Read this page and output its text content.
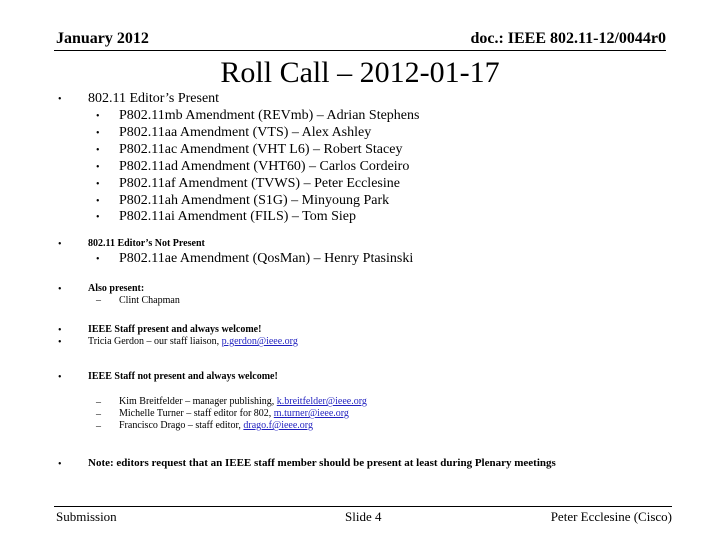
January 2012	doc.: IEEE 802.11-12/0044r0
Roll Call – 2012-01-17
• 802.11 Editor’s Present
• P802.11mb Amendment (REVmb) – Adrian Stephens
• P802.11aa Amendment (VTS) – Alex Ashley
• P802.11ac Amendment (VHT L6) – Robert Stacey
• P802.11ad Amendment (VHT60) – Carlos Cordeiro
• P802.11af Amendment (TVWS) – Peter Ecclesine
• P802.11ah Amendment (S1G) – Minyoung Park
• P802.11ai Amendment (FILS) – Tom Siep
•	802.11 Editor’s Not Present
• P802.11ae Amendment (QosMan) – Henry Ptasinski
•	Also present:
– Clint Chapman
•	IEEE Staff present and always welcome!
•	Tricia Gerdon – our staff liaison, p.gerdon@ieee.org
•	IEEE Staff not present and always welcome!
– Kim Breitfelder – manager publishing, k.breitfelder@ieee.org
– Michelle Turner – staff editor for 802, m.turner@ieee.org
– Francisco Drago – staff editor, drago.f@ieee.org
• Note: editors request that an IEEE staff member should be present at least during Plenary meetings
Submission	Slide 4	Peter Ecclesine (Cisco)
